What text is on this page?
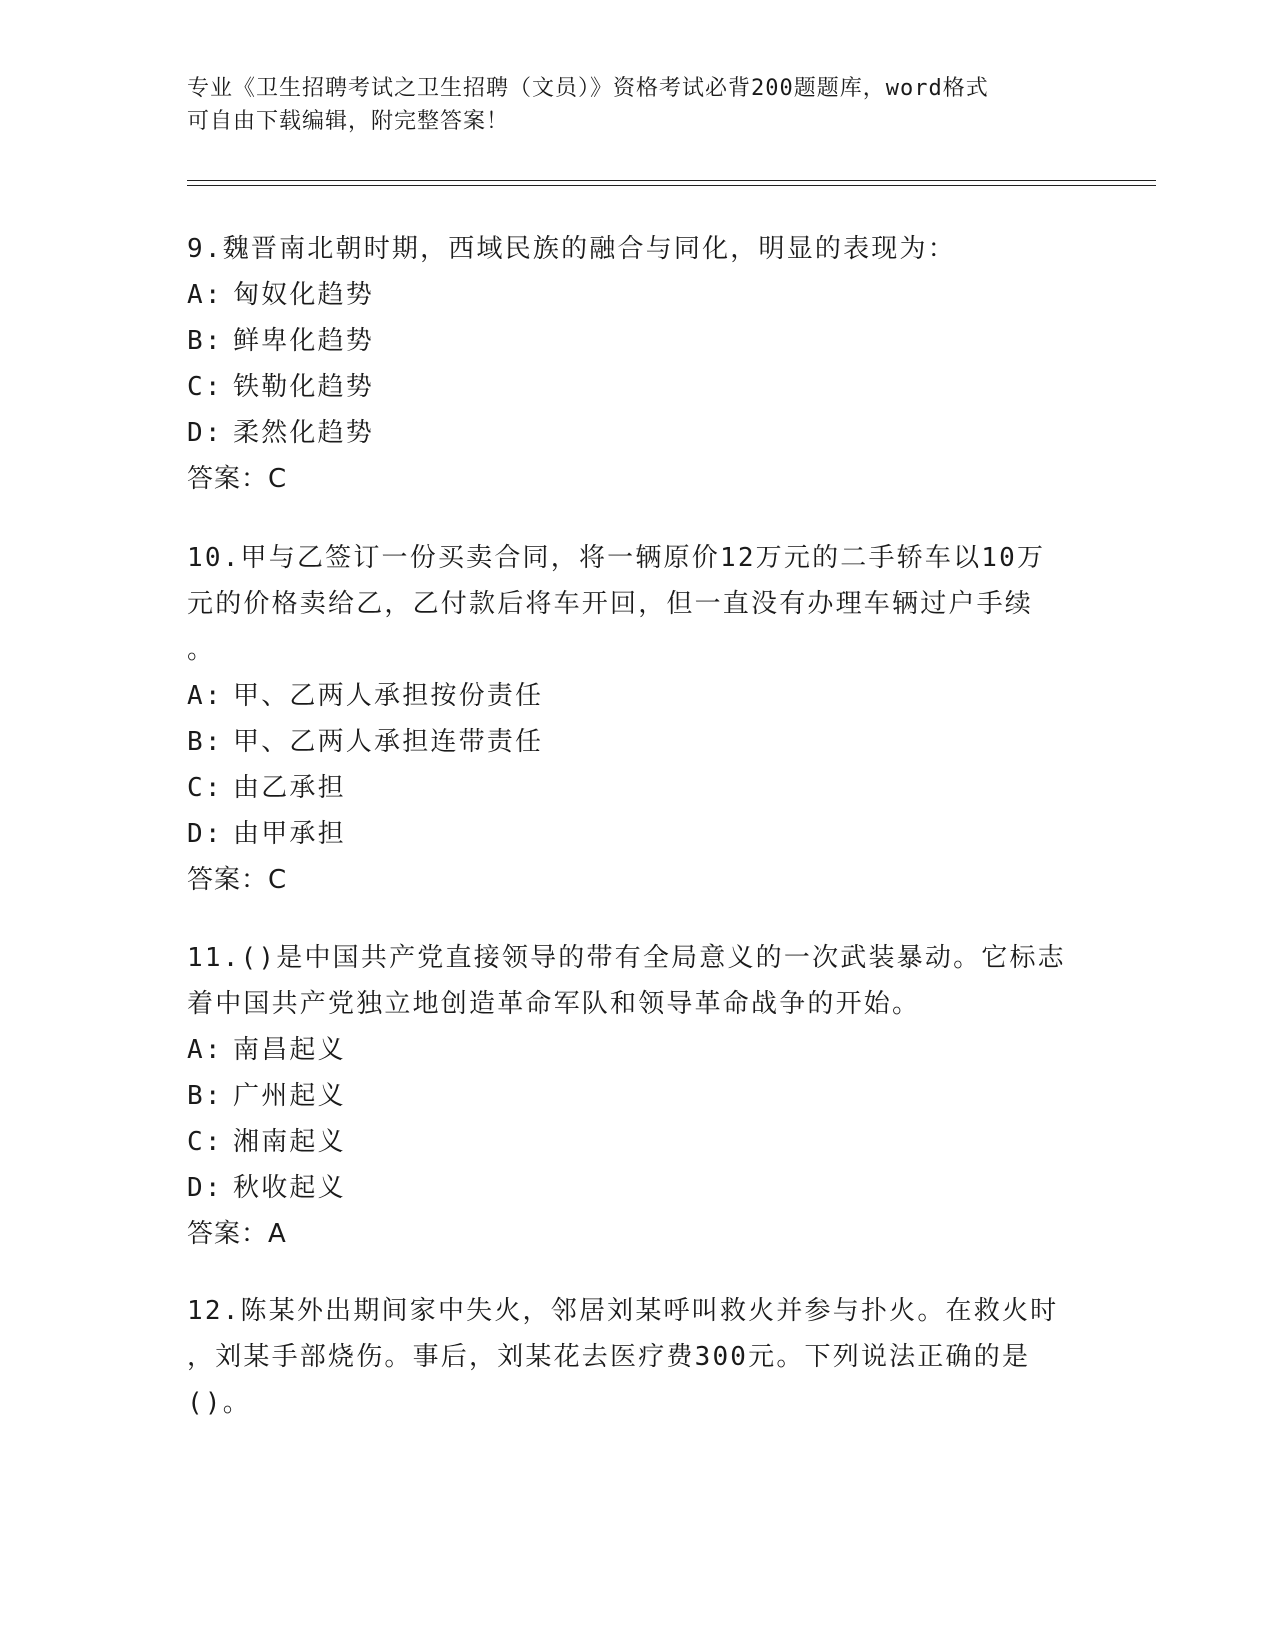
专业《卫生招聘考试之卫生招聘（文员）》资格考试必背200题题库，word格式
可自由下载编辑，附完整答案！
9.魏晋南北朝时期，西域民族的融合与同化，明显的表现为：
A: 匈奴化趋势
B: 鲜卑化趋势
C: 铁勒化趋势
D: 柔然化趋势
答案：C
10.甲与乙签订一份买卖合同，将一辆原价12万元的二手轿车以10万
元的价格卖给乙，乙付款后将车开回，但一直没有办理车辆过户手续
。
A: 甲、乙两人承担按份责任
B: 甲、乙两人承担连带责任
C: 由乙承担
D: 由甲承担
答案：C
11.()是中国共产党直接领导的带有全局意义的一次武装暴动。它标志
着中国共产党独立地创造革命军队和领导革命战争的开始。
A: 南昌起义
B: 广州起义
C: 湘南起义
D: 秋收起义
答案：A
12.陈某外出期间家中失火，邻居刘某呼叫救火并参与扑火。在救火时
，刘某手部烧伤。事后，刘某花去医疗费300元。下列说法正确的是
()。
